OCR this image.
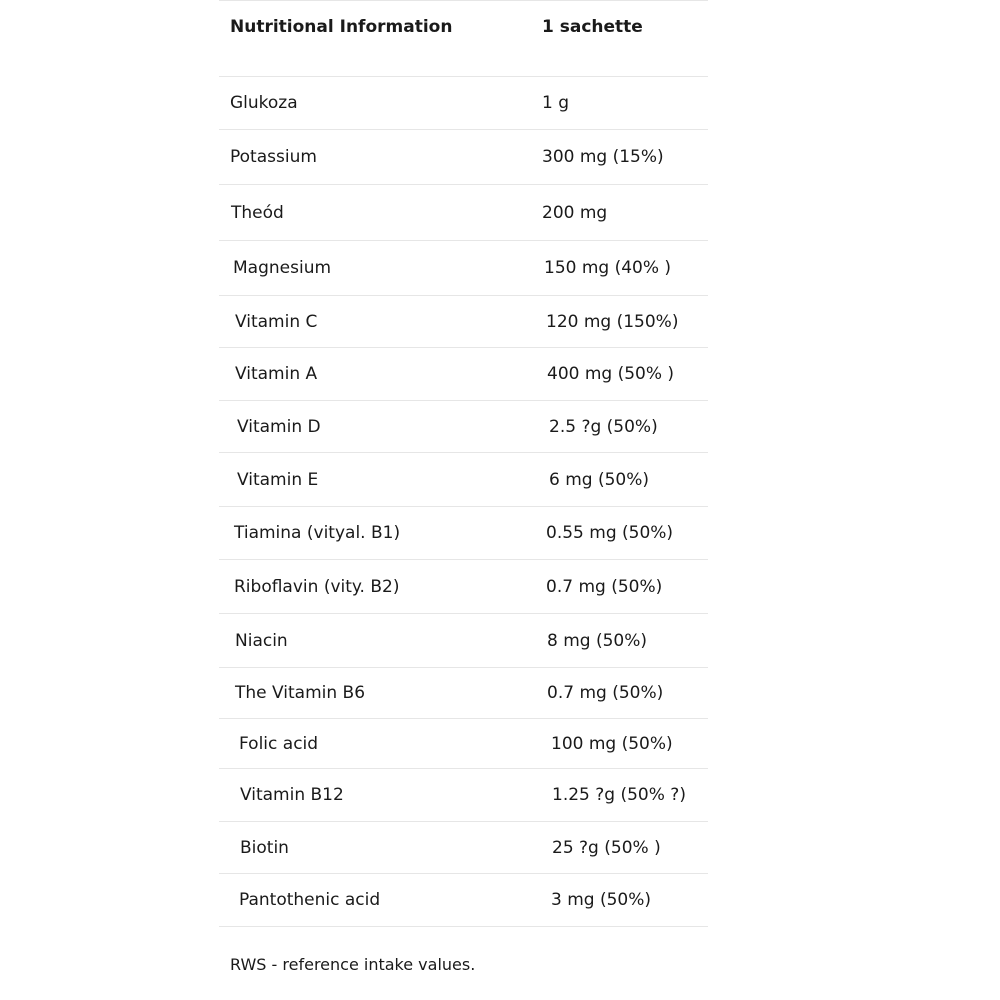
Nutritional Information	1 sachette
Glukoza	1 g
Potassium	300 mg (15%)
Theód	200 mg
Magnesium	150 mg (40% )
Vitamin C	120 mg (150%)
Vitamin A	400 mg (50% )
Vitamin D	2.5 ?g (50%)
Vitamin E	6 mg (50%)
Tiamina (vityal. B1)	0.55 mg (50%)
Riboflavin (vity. B2)	0.7 mg (50%)
Niacin	8 mg (50%)
The Vitamin B6	0.7 mg (50%)
Folic acid	100 mg (50%)
Vitamin B12	1.25 ?g (50% ?)
Biotin	25 ?g (50% )
Pantothenic acid	3 mg (50%)
RWS - reference intake values.
